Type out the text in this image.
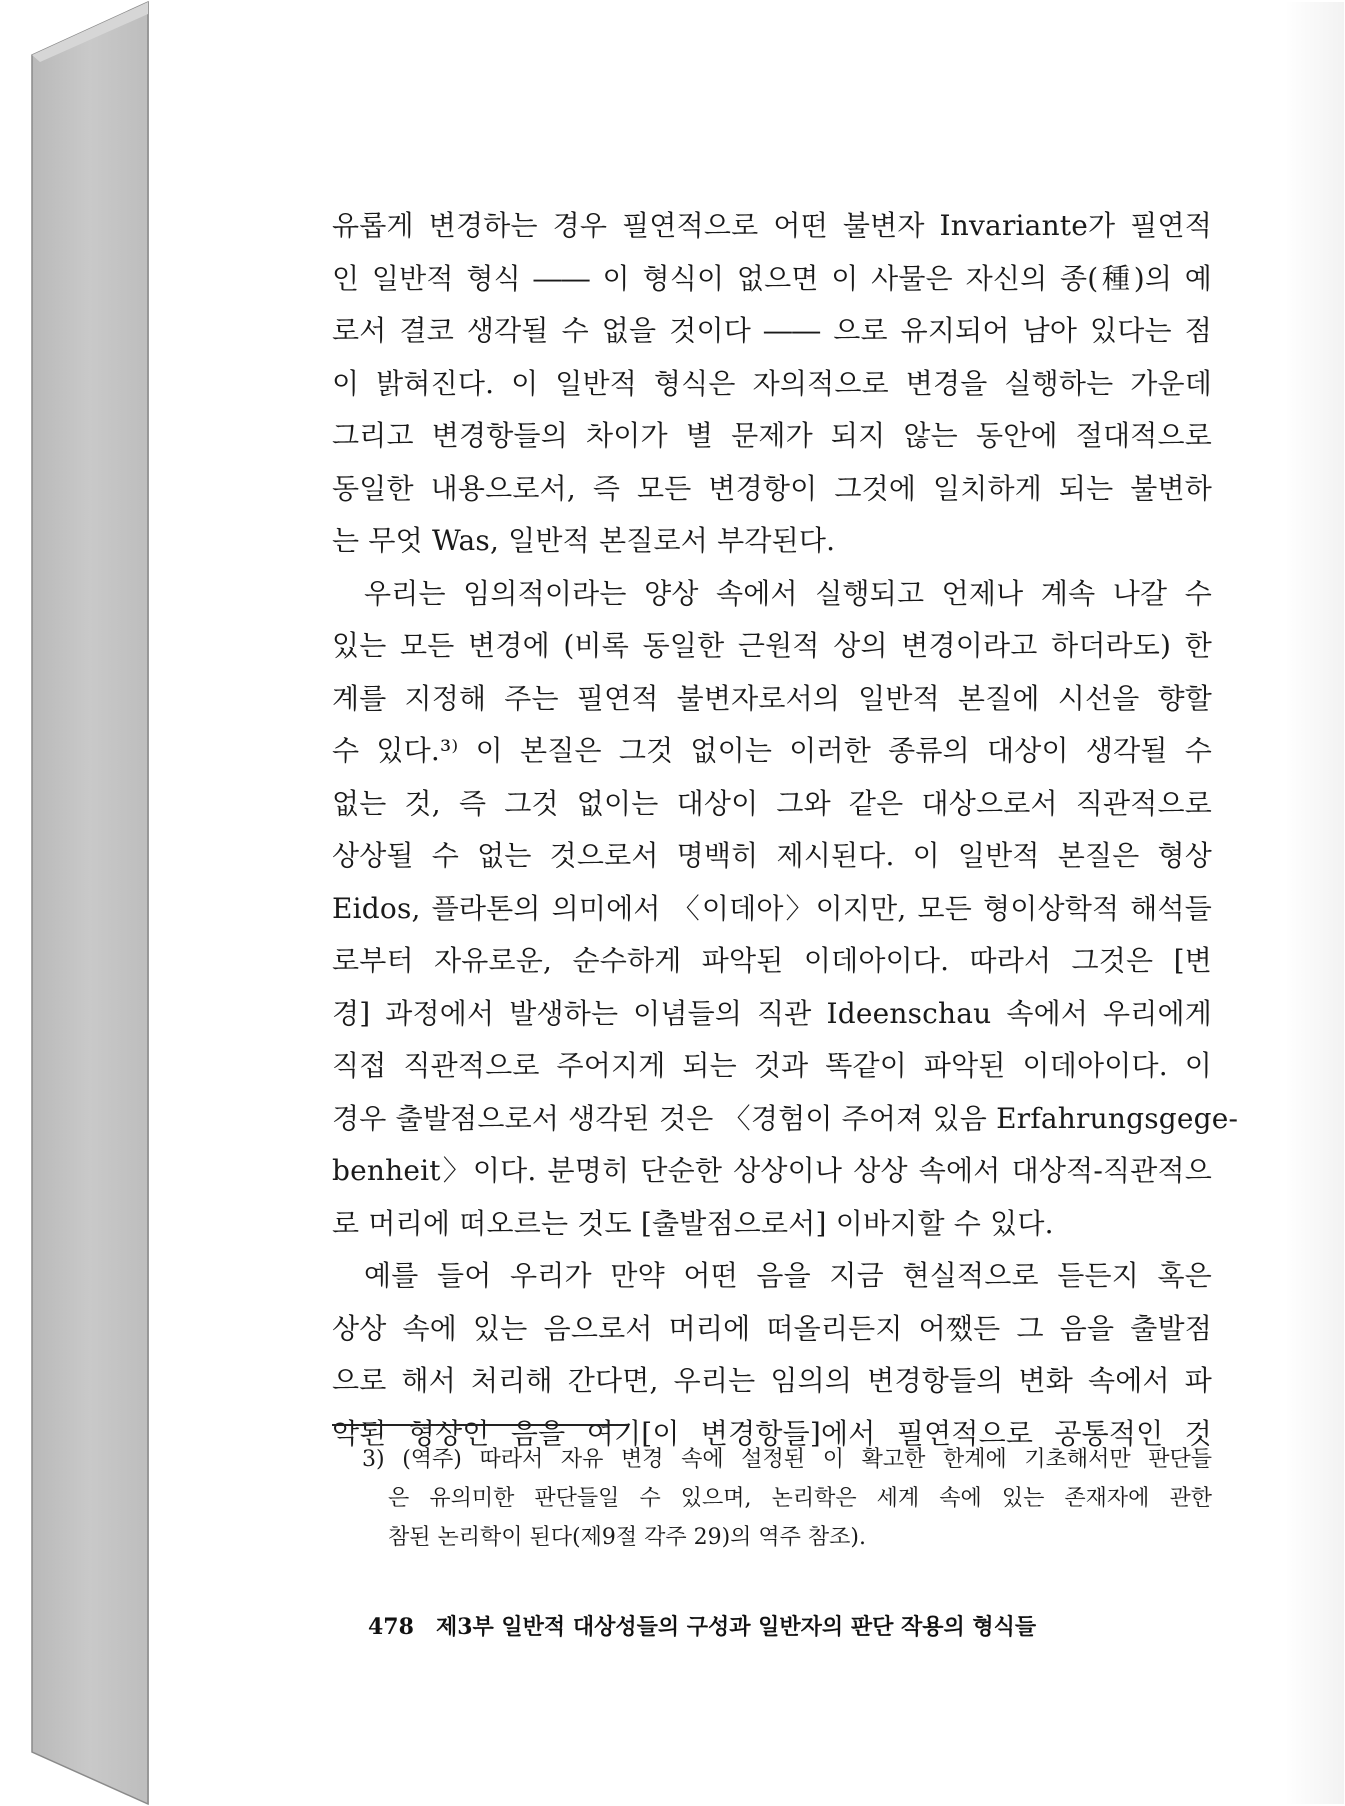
유롭게 변경하는 경우 필연적으로 어떤 불변자 Invariante가 필연적
인 일반적 형식 ―― 이 형식이 없으면 이 사물은 자신의 종(種)의 예
로서 결코 생각될 수 없을 것이다 ―― 으로 유지되어 남아 있다는 점
이 밝혀진다. 이 일반적 형식은 자의적으로 변경을 실행하는 가운데
그리고 변경항들의 차이가 별 문제가 되지 않는 동안에 절대적으로
동일한 내용으로서, 즉 모든 변경항이 그것에 일치하게 되는 불변하
는 무엇 Was, 일반적 본질로서 부각된다.
우리는 임의적이라는 양상 속에서 실행되고 언제나 계속 나갈 수
있는 모든 변경에 (비록 동일한 근원적 상의 변경이라고 하더라도) 한
계를 지정해 주는 필연적 불변자로서의 일반적 본질에 시선을 향할
수 있다.³⁾ 이 본질은 그것 없이는 이러한 종류의 대상이 생각될 수
없는 것, 즉 그것 없이는 대상이 그와 같은 대상으로서 직관적으로
상상될 수 없는 것으로서 명백히 제시된다. 이 일반적 본질은 형상
Eidos, 플라톤의 의미에서 〈이데아〉이지만, 모든 형이상학적 해석들
로부터 자유로운, 순수하게 파악된 이데아이다. 따라서 그것은 [변
경] 과정에서 발생하는 이념들의 직관 Ideenschau 속에서 우리에게
직접 직관적으로 주어지게 되는 것과 똑같이 파악된 이데아이다. 이
경우 출발점으로서 생각된 것은 〈경험이 주어져 있음 Erfahrungsgege-
benheit〉이다. 분명히 단순한 상상이나 상상 속에서 대상적-직관적으
로 머리에 떠오르는 것도 [출발점으로서] 이바지할 수 있다.
예를 들어 우리가 만약 어떤 음을 지금 현실적으로 듣든지 혹은
상상 속에 있는 음으로서 머리에 떠올리든지 어쨌든 그 음을 출발점
으로 해서 처리해 간다면, 우리는 임의의 변경항들의 변화 속에서 파
악된 형상인 음을 여기[이 변경항들]에서 필연적으로 공통적인 것
3) (역주) 따라서 자유 변경 속에 설정된 이 확고한 한계에 기초해서만 판단들
은 유의미한 판단들일 수 있으며, 논리학은 세계 속에 있는 존재자에 관한
참된 논리학이 된다(제9절 각주 29)의 역주 참조).
478 제3부 일반적 대상성들의 구성과 일반자의 판단 작용의 형식들
